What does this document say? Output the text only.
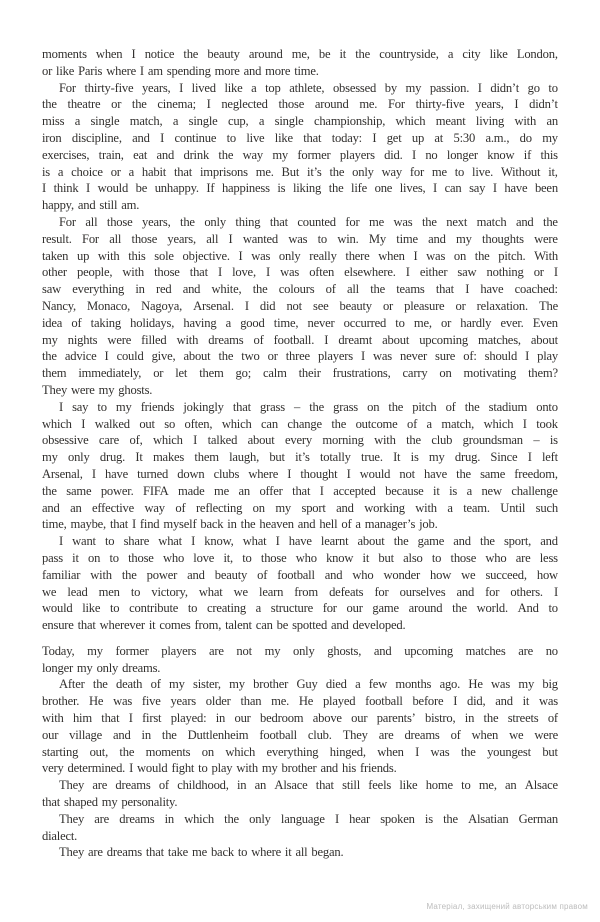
moments when I notice the beauty around me, be it the countryside, a city like London,
or like Paris where I am spending more and more time.
For thirty-five years, I lived like a top athlete, obsessed by my passion. I didn’t go to
the theatre or the cinema; I neglected those around me. For thirty-five years, I didn’t
miss a single match, a single cup, a single championship, which meant living with an
iron discipline, and I continue to live like that today: I get up at 5:30 a.m., do my
exercises, train, eat and drink the way my former players did. I no longer know if this
is a choice or a habit that imprisons me. But it’s the only way for me to live. Without it,
I think I would be unhappy. If happiness is liking the life one lives, I can say I have been
happy, and still am.
For all those years, the only thing that counted for me was the next match and the
result. For all those years, all I wanted was to win. My time and my thoughts were
taken up with this sole objective. I was only really there when I was on the pitch. With
other people, with those that I love, I was often elsewhere. I either saw nothing or I
saw everything in red and white, the colours of all the teams that I have coached:
Nancy, Monaco, Nagoya, Arsenal. I did not see beauty or pleasure or relaxation. The
idea of taking holidays, having a good time, never occurred to me, or hardly ever. Even
my nights were filled with dreams of football. I dreamt about upcoming matches, about
the advice I could give, about the two or three players I was never sure of: should I play
them immediately, or let them go; calm their frustrations, carry on motivating them?
They were my ghosts.
I say to my friends jokingly that grass – the grass on the pitch of the stadium onto
which I walked out so often, which can change the outcome of a match, which I took
obsessive care of, which I talked about every morning with the club groundsman – is
my only drug. It makes them laugh, but it’s totally true. It is my drug. Since I left
Arsenal, I have turned down clubs where I thought I would not have the same freedom,
the same power. FIFA made me an offer that I accepted because it is a new challenge
and an effective way of reflecting on my sport and working with a team. Until such
time, maybe, that I find myself back in the heaven and hell of a manager’s job.
I want to share what I know, what I have learnt about the game and the sport, and
pass it on to those who love it, to those who know it but also to those who are less
familiar with the power and beauty of football and who wonder how we succeed, how
we lead men to victory, what we learn from defeats for ourselves and for others. I
would like to contribute to creating a structure for our game around the world. And to
ensure that wherever it comes from, talent can be spotted and developed.
Today, my former players are not my only ghosts, and upcoming matches are no
longer my only dreams.
After the death of my sister, my brother Guy died a few months ago. He was my big
brother. He was five years older than me. He played football before I did, and it was
with him that I first played: in our bedroom above our parents’ bistro, in the streets of
our village and in the Duttlenheim football club. They are dreams of when we were
starting out, the moments on which everything hinged, when I was the youngest but
very determined. I would fight to play with my brother and his friends.
They are dreams of childhood, in an Alsace that still feels like home to me, an Alsace
that shaped my personality.
They are dreams in which the only language I hear spoken is the Alsatian German
dialect.
They are dreams that take me back to where it all began.
Матеріал, захищений авторським правом
